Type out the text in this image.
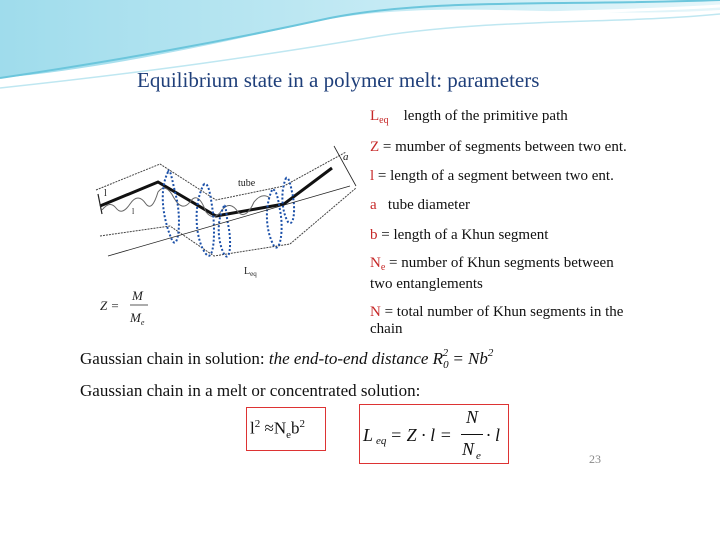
Equilibrium state in a polymer melt: parameters
tube
a
l
l
$L_{eq}$
Z =
M
$M_e$
$L_{eq}$ length of the primitive path
Z = mumber of segments between two ent.
l = length of a segment between two ent.
a tube diameter
b = length of a Khun segment
$N_e$ = number of Khun segments between
two entanglements
N = total number of Khun segments in the
chain
Gaussian chain in solution: the end-to-end distance $R_0^2 = Nb^2$
Gaussian chain in a melt or concentrated solution:
$l^2 \approx N_eb^2$
L eq = Z · l =
N
N e
· l
23
